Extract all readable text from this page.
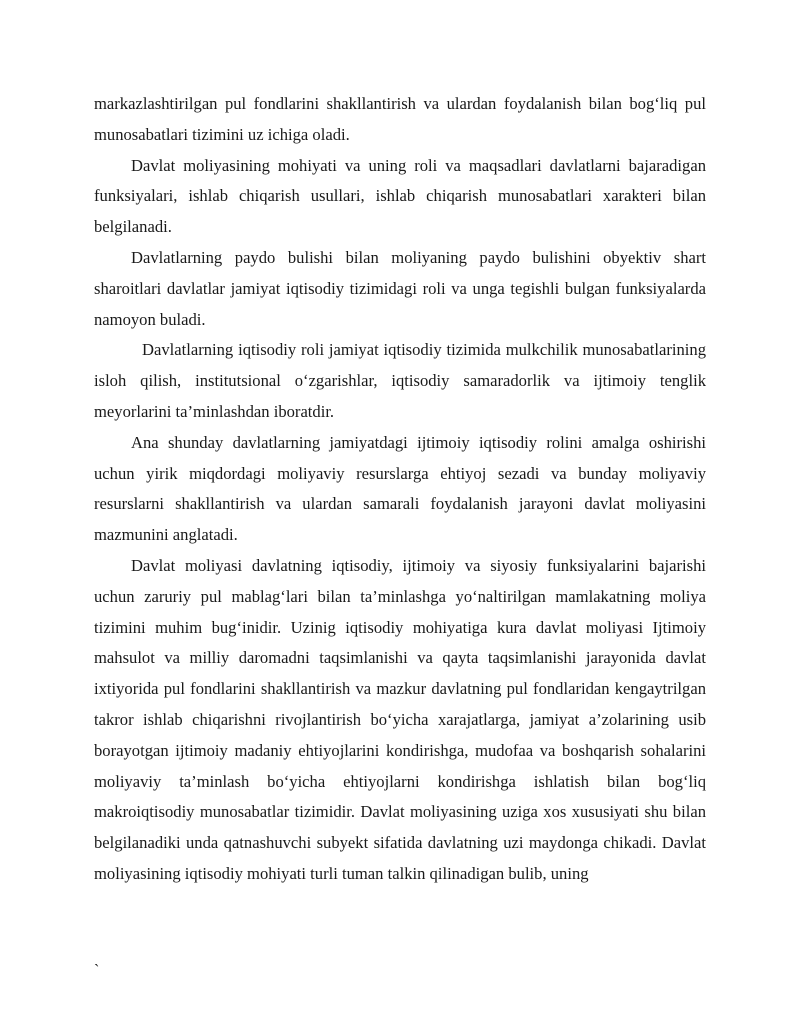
markazlashtirilgan pul fondlarini shakllantirish va ulardan foydalanish bilan bog‘liq pul munosabatlari tizimini uz ichiga oladi.

Davlat moliyasining mohiyati va uning roli va maqsadlari davlatlarni bajaradigan funksiyalari, ishlab chiqarish usullari, ishlab chiqarish munosabatlari xarakteri bilan belgilanadi.

Davlatlarning paydo bulishi bilan moliyaning paydo bulishini obyektiv shart sharoitlari davlatlar jamiyat iqtisodiy tizimidagi roli va unga tegishli bulgan funksiyalarda namoyon buladi.

Davlatlarning iqtisodiy roli jamiyat iqtisodiy tizimida mulkchilik munosabatlarining isloh qilish, institutsional o‘zgarishlar, iqtisodiy samaradorlik va ijtimoiy tenglik meyorlarini ta’minlashdan iboratdir.

Ana shunday davlatlarning jamiyatdagi ijtimoiy iqtisodiy rolini amalga oshirishi uchun yirik miqdordagi moliyaviy resurslarga ehtiyoj sezadi va bunday moliyaviy resurslarni shakllantirish va ulardan samarali foydalanish jarayoni davlat moliyasini mazmunini anglatadi.

Davlat moliyasi davlatning iqtisodiy, ijtimoiy va siyosiy funksiyalarini bajarishi uchun zaruriy pul mablag‘lari bilan ta’minlashga yo‘naltirilgan mamlakatning moliya tizimini muhim bug‘inidir. Uzinig iqtisodiy mohiyatiga kura davlat moliyasi Ijtimoiy mahsulot va milliy daromadni taqsimlanishi va qayta taqsimlanishi jarayonida davlat ixtiyorida pul fondlarini shakllantirish va mazkur davlatning pul fondlaridan kengaytrilgan takror ishlab chiqarishni rivojlantirish bo‘yicha xarajatlarga, jamiyat a’zolarining usib borayotgan ijtimoiy madaniy ehtiyojlarini kondirishga, mudofaa va boshqarish sohalarini moliyaviy ta’minlash bo‘yicha ehtiyojlarni kondirishga ishlatish bilan bog‘liq makroiqtisodiy munosabatlar tizimidir. Davlat moliyasining uziga xos xususiyati shu bilan belgilanadiki unda qatnashuvchi subyekt sifatida davlatning uzi maydonga chikadi. Davlat moliyasining iqtisodiy mohiyati turli tuman talkin qilinadigan bulib, uning

`
